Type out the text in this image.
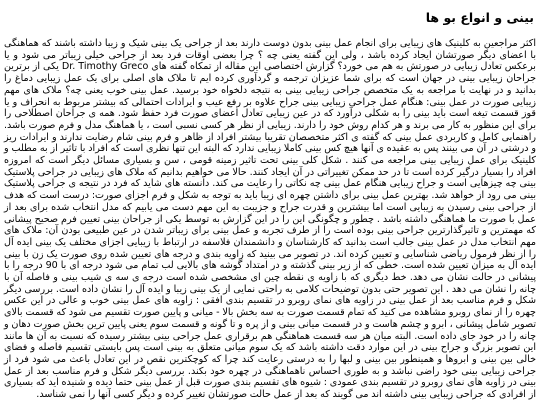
بینی و انواع بو ها

اکثر مراجعین به کلینیک های زیبایی برای انجام عمل بینی بدون دوست دارند بعد از جراحی یک بینی شیک و زیبا داشته باشند که هماهنگی با اعضای دیگر صورتشان ایجاد کرده باشد ، ولی این گفته یعنی چه ؟ چرا بعضی اوقات فرد بعد از جراحی خیلی زیباتر می شود و یا برعکس تعادل زیبایی در صورتش به هم می خورد؟ گزارش اختصاصی این مقاله از تمکاه گفته های Dr. Timothy Greco یکی از برترین جراحان زیبایی بینی در جهان است که برای شما عزیزان ترجمه و گردآوری کرده ایم تا ملاک های اصلی برای یک عمل زیبایی دماغ را بدانید و در نهایت با مراجعه به یک متخصص جراحی زیبایی بینی به نتیجه دلخواه خود برسید. عمل بینی خوب یعنی چه؟ ملاک های مهم زیبایی صورت در عمل بینی: هنگام عمل جراحی زیبایی بینی جراح علاوه بر رفع عیب و ایرادات احتمالی که بیشتر مربوط به انحراف و یا قوز قسمت تیغه است باید بینی را به شکلی درآورد که در عین زیبایی تعادل اعضای صورت فرد حفظ شود. همه ی جراحان اصطلاحی را برای این منظور به کار می برند و هر کدام روش خود را دارند. زیبایی از نظر هر کسی نسبی است ، یا هماهنگ مدل و فرم صورت باشد. راهنمایی کامل و کاربردی عمل بینی که گفته ی اکثر متخصصان تقریبا بیشتر افراد از ظاهر و فرم بینی شام رضایت ندارند و ایرادات ریز و درشتی در آن می بینند پس به عقیده ی آنها هیچ کس بینی کاملا زیبایی ندارد که البته این تنها نظری است که افراد با تاثیر از به مطلب و کلینیک برای عمل زیبایی بینی مراجعه می کنند . شکل کلی بینی تحت تاثیر زمینه قومی ، سن و بسیاری مسائل دیگر است که امروزه افراد را بسیار درگیر کرده است تا در حد ممکن تغییراتی در آن ایجاد کنند. حالا می خواهیم بدانیم که ملاک های زیبایی در جراحی پلاستیک بینی چه چیزهایی است و جراح زیبایی هنگام عمل بینی چه نکاتی را رعایت می کند. دانسته های شاید که فرد در نتیجه ی جراحی پلاستیک بینی می رود از خواهد شد. بهترین عمل بینی برای داشتن چهره ای زیبا باید به توجه به شکل و فرم اجزای صورت: درست است که هدف از جراحی بینی رسیدن به زیبایی است اما بیشترین و قدرت جراح و جزیبت به این مهم دست می یابیم که مدل انتخاب شده برای بعد از عمل با صورت ما هماهنگی داشته باشد . چطور و چگونگی این را در این گزارش به توسط یکی از جراحان بینی تعیین فرم صحیح پیشانی که مهمترین و تاثیرگذارترین جراحی بینی بوده است را از طرف تجربه و عمل بینی برای زیباتر شدن در عین طبیعی بودن آن: ملاک های مهم انتخاب مدل در عمل بینی جالب است بدانید که کارشناسان و دانشمندان فلاسفه در ارتباط با زیبایی اجزای مختلف یک بینی ایده آل را از نظر فرمول ریاضی شناسایی و تعیین کرده اند. در تصویر می بینید که زاویه بندی و درجه های تعیین شده روی صورت یک زن با بینی ایده آل به میزان تعیین شده است. خطی که از زیر بینی گذشته و در امتداد گوشه های بالایی لب تمام می شود درجه ای با 90 درجه را با پیشانی در حالت نشان می دهد. خط دیگری که با زاویه ی نقطه چین ای مشخصی شده است درجه ی سه ی شیب بینی و فاصله آن با چانه را نشان می دهد . این تصویر حتی بدون توضیحات کلامی به راحتی نمایی از یک بینی زیبا و ایده آل را نشان داده است. بررسی دیگر شکل و فرم مناسب بعد از عمل بینی در زاویه های نمای روبرو در تقسیم بندی افقی : زاویه های عمل بینی خوب و عالی در این عکس چهره را از نمای روبرو مشاهده می کنید که تمام قسمت صورت به سه بخش بالا - میانی و پایین صورت تقسیم می شود که قسمت بالای تصویر شامل پیشانی ، ابرو و چشم هاست و در قسمت میانی بینی و از پره و تا گونه و قسمت سوم یعنی پایین ترین بخش صورت دهان و چانه را در خود جای داده است. البته میان هر سه قسمت هماهنگی هم برقراری عمل جراحی بینی بیشتر رسیده که نسبت به آن ها مانند این تصویر بزرگ و جراح بینی در این موارد دقت داشته باشد که یک سوم میانی متعلق به بینی است پس بایستی تقسیم فاصله و فضای خالی بین بینی و ابروها و همینطور بین بینی و لبها را به درستی رعایت کند چرا که کوچکترین نقص در این تعادل باعث می شود فرد از جراحی زیبایی بینی خود راضی نباشد و به طوری احساس ناهماهنگی در چهره خود بکند. بررسی دیگر شکل و فرم مناسب بعد از عمل بینی در زاویه های نمای روبرو در تقسیم بندی عمودی : شیوه های تقسیم بندی صورت قبل از عمل بینی حتما دیده و شنیده اید که بسیاری از افرادی که جراحی زیبایی بینی داشته اند می گویند که بعد از عمل حالت صورتشان تغییر کرده و دیگر کسی آنها را نمی شناسد.
